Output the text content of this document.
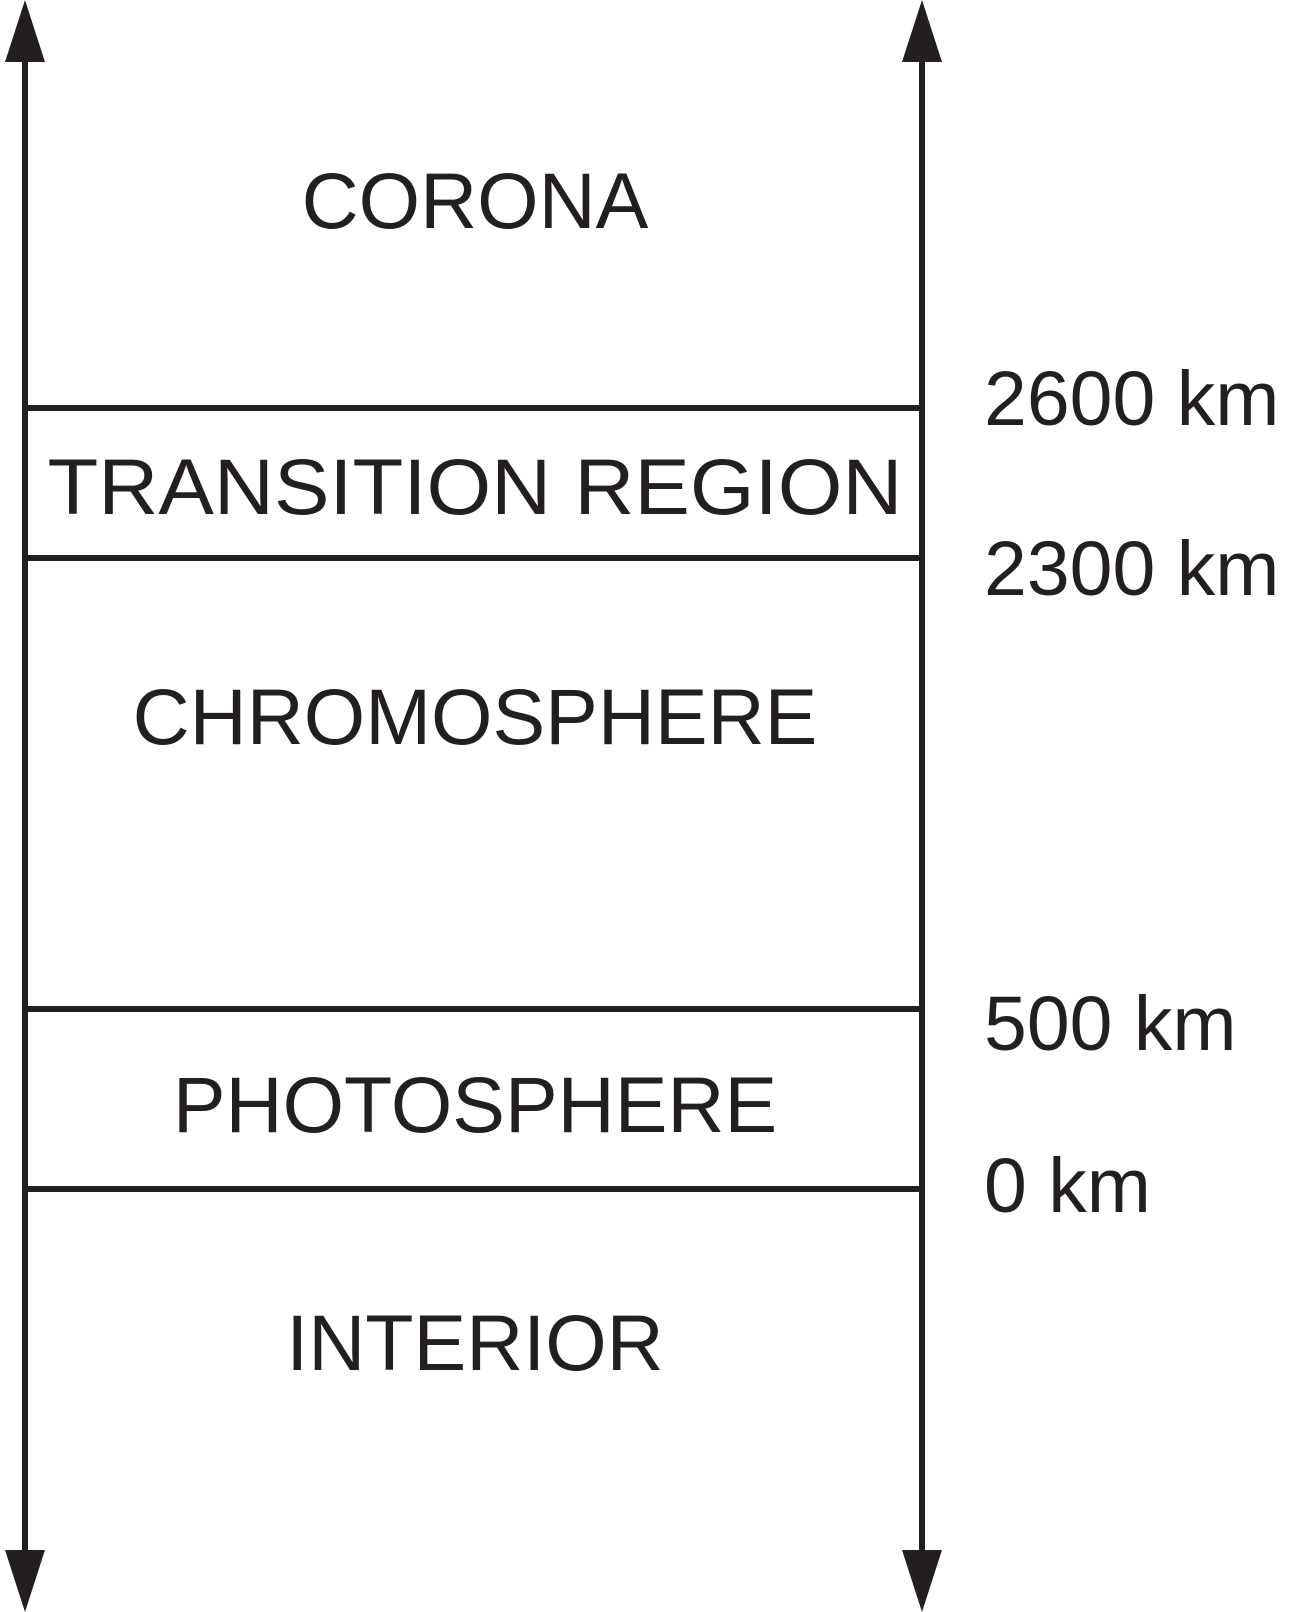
CORONA
TRANSITION REGION
CHROMOSPHERE
PHOTOSPHERE
INTERIOR
2600 km
2300 km
500 km
0 km
